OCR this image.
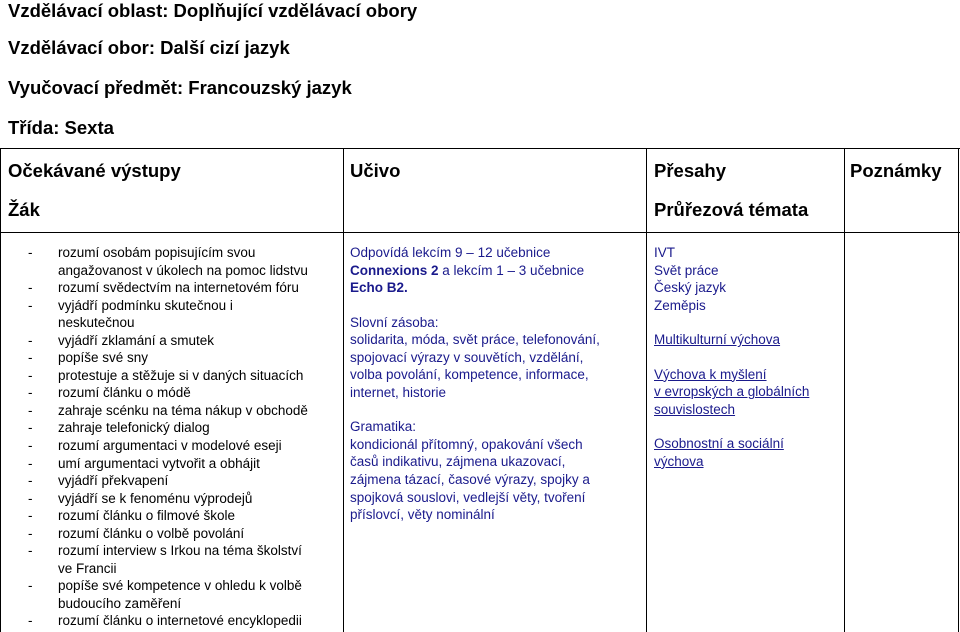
Vzdělávací oblast: Doplňující vzdělávací obory
Vzdělávací obor: Další cizí jazyk
Vyučovací předmět: Francouzský jazyk
Třída: Sexta
Očekávané výstupy
Žák
Učivo	Přesahy
Průřezová témata
Poznámky
- rozumí osobám popisujícím svou
angažovanost v úkolech na pomoc lidstvu
- rozumí svědectvím na internetovém fóru
- vyjádří podmínku skutečnou i
neskutečnou
- vyjádří zklamání a smutek
- popíše své sny
- protestuje a stěžuje si v daných situacích
- rozumí článku o módě
- zahraje scénku na téma nákup v obchodě
- zahraje telefonický dialog
- rozumí argumentaci v modelové eseji
- umí argumentaci vytvořit a obhájit
- vyjádří překvapení
- vyjádří se k fenoménu výprodejů
- rozumí článku o filmové škole
- rozumí článku o volbě povolání
- rozumí interview s Irkou na téma školství
ve Francii
- popíše své kompetence v ohledu k volbě
budoucího zaměření
- rozumí článku o internetové encyklopedii

Odpovídá lekcím 9 – 12 učebnice
Connexions 2 a lekcím 1 – 3 učebnice
Echo B2.

Slovní zásoba:
solidarita, móda, svět práce, telefonování,
spojovací výrazy v souvětích, vzdělání,
volba povolání, kompetence, informace,
internet, historie

Gramatika:
kondicionál přítomný, opakování všech
časů indikativu, zájmena ukazovací,
zájmena tázací, časové výrazy, spojky a
spojková souslovi, vedlejší věty, tvoření
příslovcí, věty nominální

IVT
Svět práce
Český jazyk
Zeměpis

Multikulturní výchova

Výchova k myšlení
v evropských a globálních
souvislostech

Osobnostní a sociální
výchova
